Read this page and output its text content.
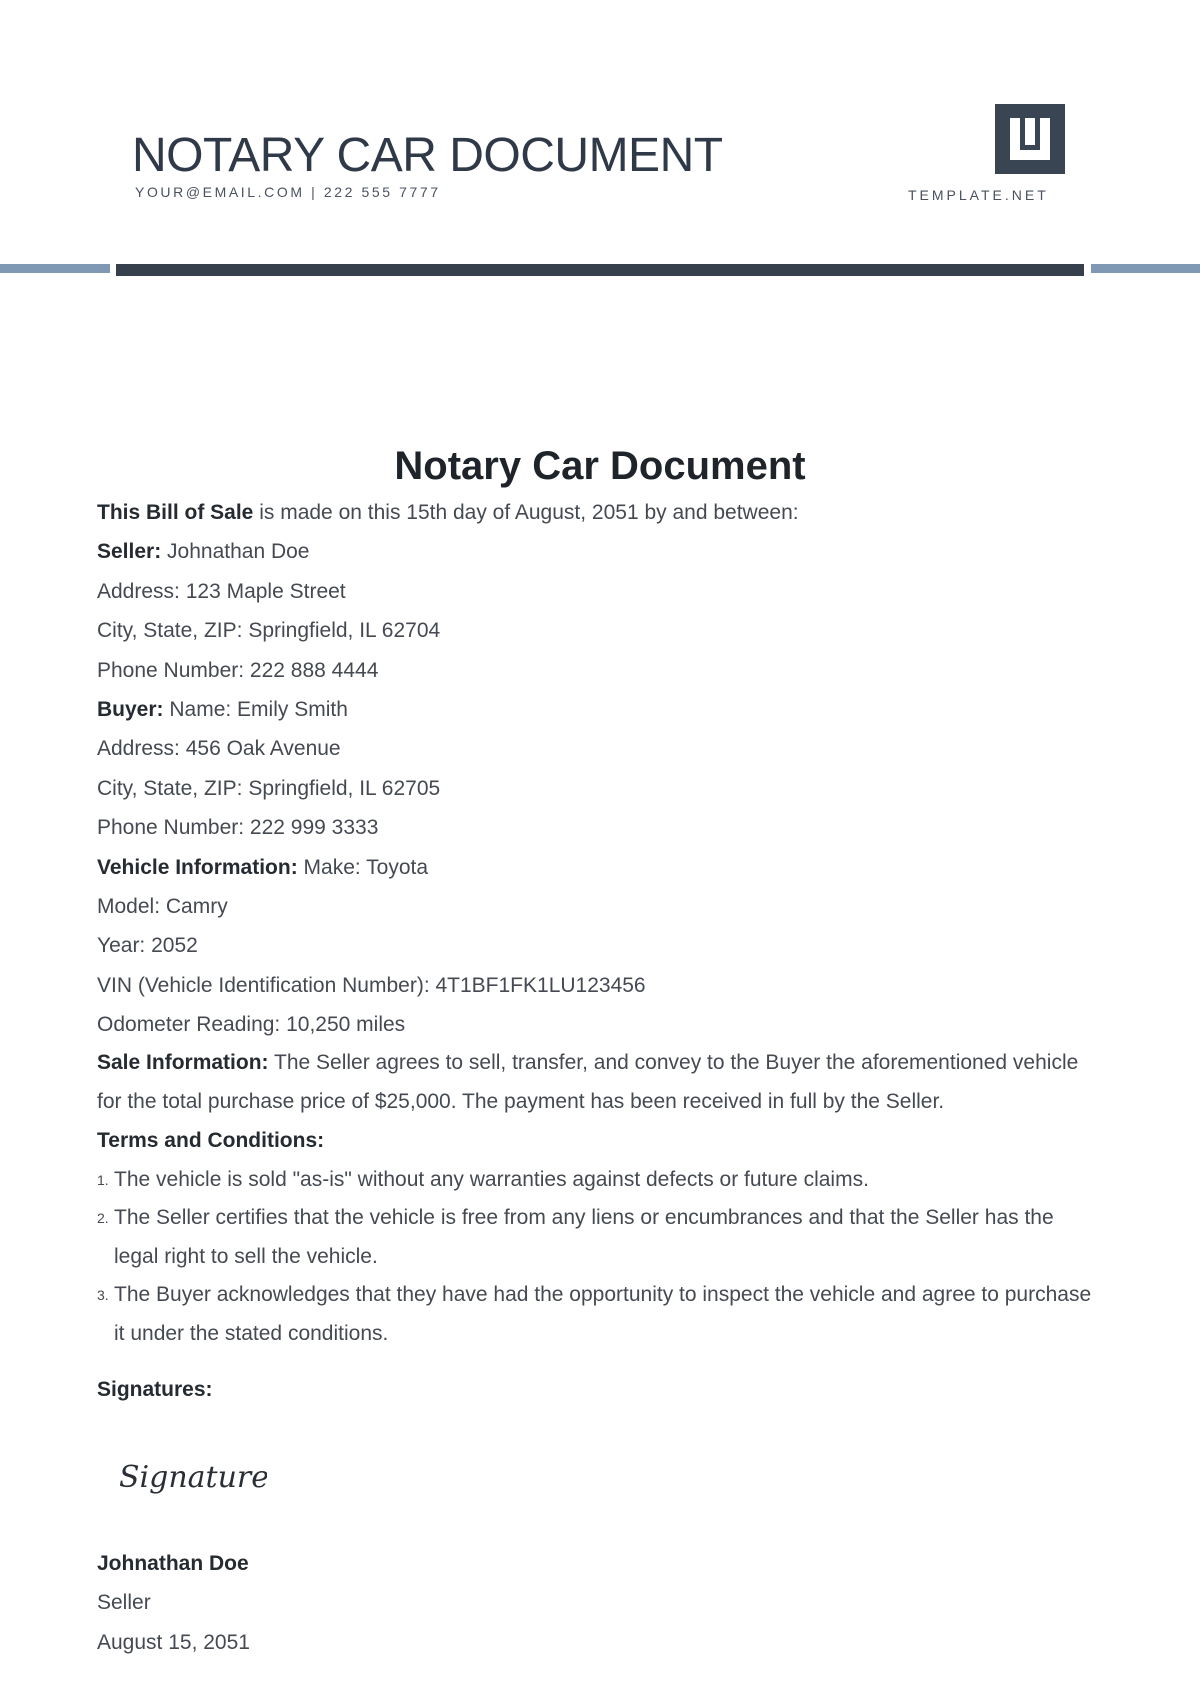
NOTARY CAR DOCUMENT
YOUR@EMAIL.COM | 222 555 7777	TEMPLATE.NET
Notary Car Document
This Bill of Sale is made on this 15th day of August, 2051 by and between:
Seller: Johnathan Doe
Address: 123 Maple Street
City, State, ZIP: Springfield, IL 62704
Phone Number: 222 888 4444
Buyer: Name: Emily Smith
Address: 456 Oak Avenue
City, State, ZIP: Springfield, IL 62705
Phone Number: 222 999 3333
Vehicle Information: Make: Toyota
Model: Camry
Year: 2052
VIN (Vehicle Identification Number): 4T1BF1FK1LU123456
Odometer Reading: 10,250 miles

Sale Information: The Seller agrees to sell, transfer, and convey to the Buyer the aforementioned vehicle for the total purchase price of $25,000. The payment has been received in full by the Seller.

Terms and Conditions:
1. The vehicle is sold "as-is" without any warranties against defects or future claims.
2. The Seller certifies that the vehicle is free from any liens or encumbrances and that the Seller has the legal right to sell the vehicle.
3. The Buyer acknowledges that they have had the opportunity to inspect the vehicle and agree to purchase it under the stated conditions.
Signatures:
Signature
Johnathan Doe
Seller
August 15, 2051
